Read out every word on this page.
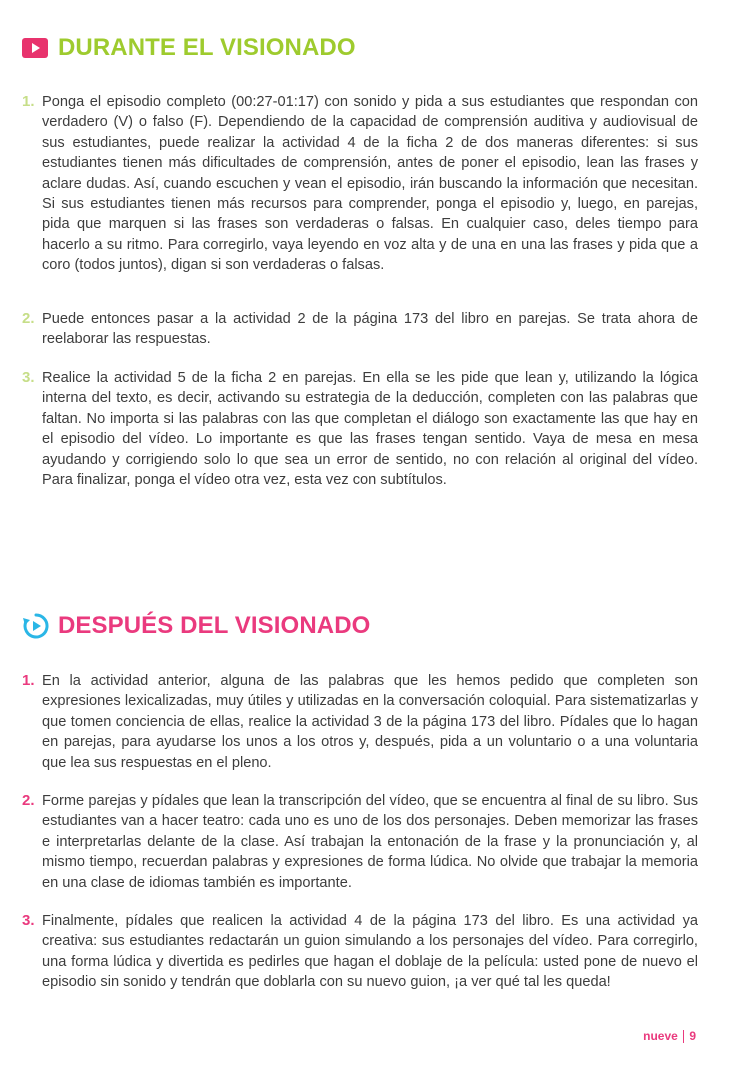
DURANTE EL VISIONADO
1. Ponga el episodio completo (00:27-01:17) con sonido y pida a sus estudiantes que respondan con verdadero (V) o falso (F). Dependiendo de la capacidad de comprensión auditiva y audiovisual de sus estudiantes, puede realizar la actividad 4 de la ficha 2 de dos maneras diferentes: si sus estudiantes tienen más dificultades de comprensión, antes de poner el episodio, lean las frases y aclare dudas. Así, cuando escuchen y vean el episodio, irán buscando la información que necesitan. Si sus estudiantes tienen más recursos para comprender, ponga el episodio y, luego, en parejas, pida que marquen si las frases son verdaderas o falsas. En cualquier caso, deles tiempo para hacerlo a su ritmo. Para corregirlo, vaya leyendo en voz alta y de una en una las frases y pida que a coro (todos juntos), digan si son verdaderas o falsas.
2. Puede entonces pasar a la actividad 2 de la página 173 del libro en parejas. Se trata ahora de reelaborar las respuestas.
3. Realice la actividad 5 de la ficha 2 en parejas. En ella se les pide que lean y, utilizando la lógica interna del texto, es decir, activando su estrategia de la deducción, completen con las palabras que faltan. No importa si las palabras con las que completan el diálogo son exactamente las que hay en el episodio del vídeo. Lo importante es que las frases tengan sentido. Vaya de mesa en mesa ayudando y corrigiendo solo lo que sea un error de sentido, no con relación al original del vídeo. Para finalizar, ponga el vídeo otra vez, esta vez con subtítulos.
DESPUÉS DEL VISIONADO
1. En la actividad anterior, alguna de las palabras que les hemos pedido que completen son expresiones lexicalizadas, muy útiles y utilizadas en la conversación coloquial. Para sistematizarlas y que tomen conciencia de ellas, realice la actividad 3 de la página 173 del libro. Pídales que lo hagan en parejas, para ayudarse los unos a los otros y, después, pida a un voluntario o a una voluntaria que lea sus respuestas en el pleno.
2. Forme parejas y pídales que lean la transcripción del vídeo, que se encuentra al final de su libro. Sus estudiantes van a hacer teatro: cada uno es uno de los dos personajes. Deben memorizar las frases e interpretarlas delante de la clase. Así trabajan la entonación de la frase y la pronunciación y, al mismo tiempo, recuerdan palabras y expresiones de forma lúdica. No olvide que trabajar la memoria en una clase de idiomas también es importante.
3. Finalmente, pídales que realicen la actividad 4 de la página 173 del libro. Es una actividad ya creativa: sus estudiantes redactarán un guion simulando a los personajes del vídeo. Para corregirlo, una forma lúdica y divertida es pedirles que hagan el doblaje de la película: usted pone de nuevo el episodio sin sonido y tendrán que doblarla con su nuevo guion, ¡a ver qué tal les queda!
nueve 9
